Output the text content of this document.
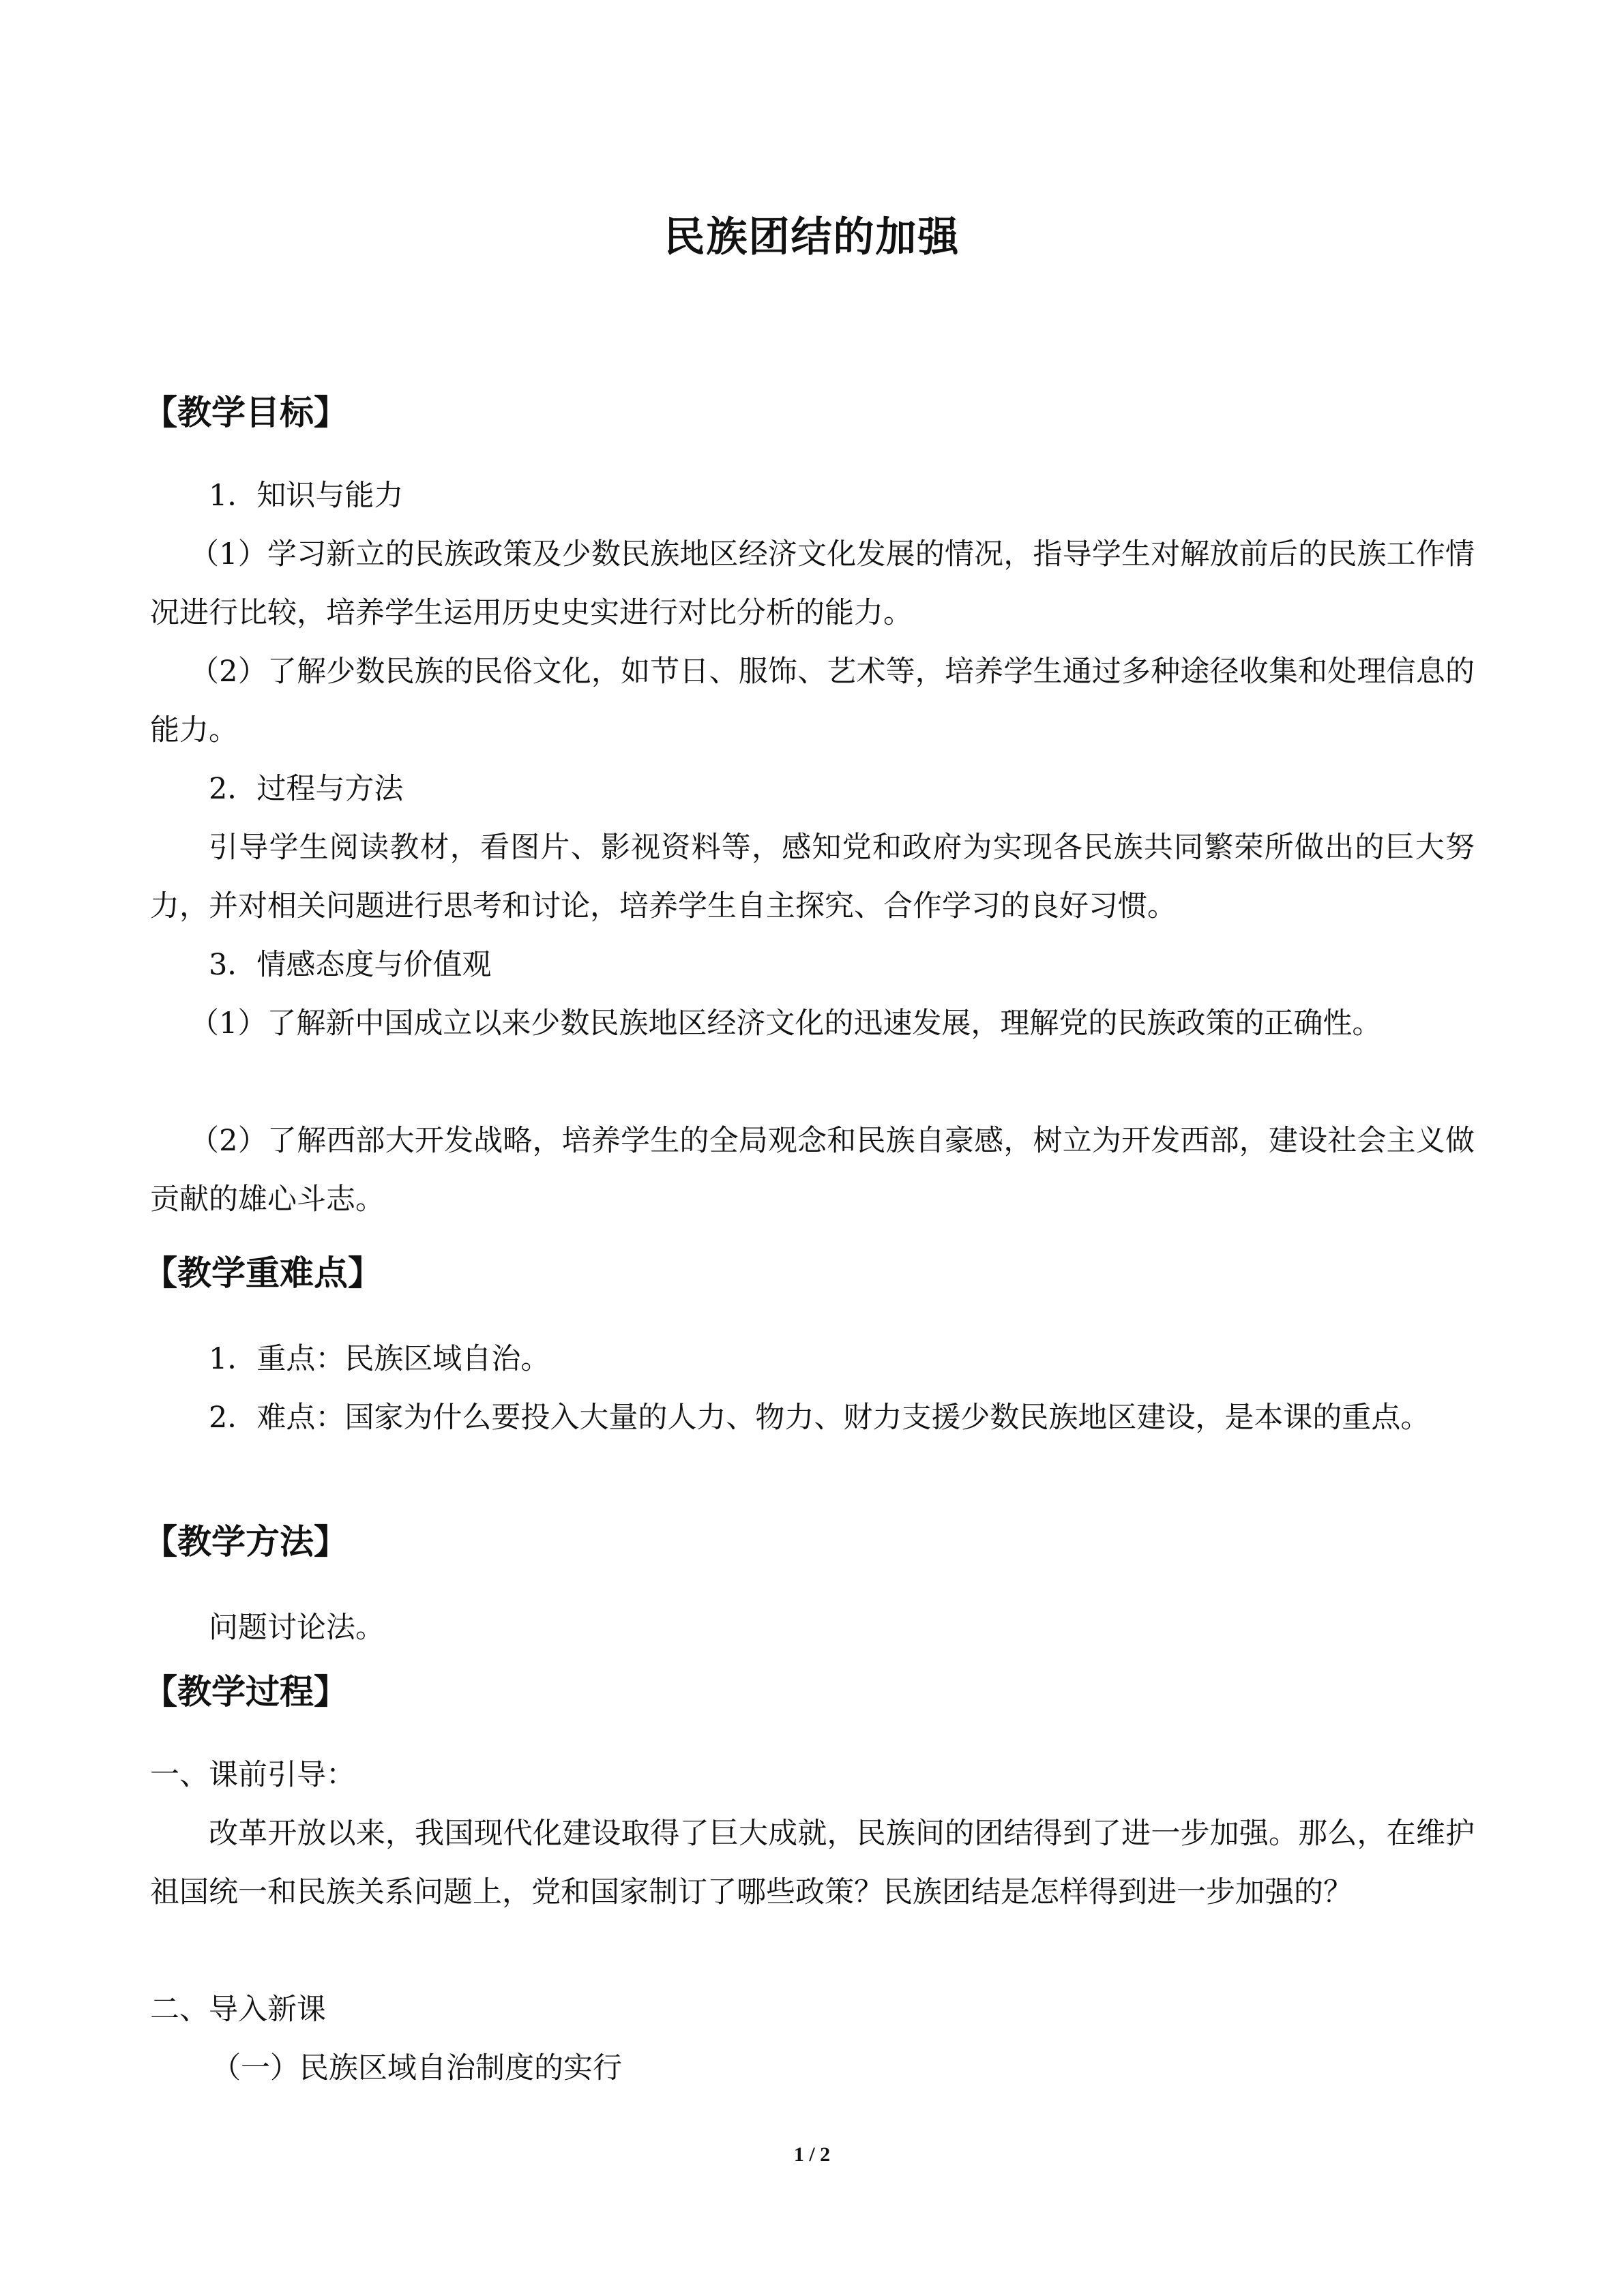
民族团结的加强
【教学目标】
1．知识与能力

（1）学习新立的民族政策及少数民族地区经济文化发展的情况，指导学生对解放前后的民族工作情况进行比较，培养学生运用历史史实进行对比分析的能力。

（2）了解少数民族的民俗文化，如节日、服饰、艺术等，培养学生通过多种途径收集和处理信息的能力。

2．过程与方法

引导学生阅读教材，看图片、影视资料等，感知党和政府为实现各民族共同繁荣所做出的巨大努力，并对相关问题进行思考和讨论，培养学生自主探究、合作学习的良好习惯。

3．情感态度与价值观

（1）了解新中国成立以来少数民族地区经济文化的迅速发展，理解党的民族政策的正确性。

（2）了解西部大开发战略，培养学生的全局观念和民族自豪感，树立为开发西部，建设社会主义做贡献的雄心斗志。

【教学重难点】
1．重点：民族区域自治。

2．难点：国家为什么要投入大量的人力、物力、财力支援少数民族地区建设，是本课的重点。

【教学方法】
问题讨论法。
【教学过程】
一、课前引导：

改革开放以来，我国现代化建设取得了巨大成就，民族间的团结得到了进一步加强。那么，在维护祖国统一和民族关系问题上，党和国家制订了哪些政策？民族团结是怎样得到进一步加强的？

二、导入新课
（一）民族区域自治制度的实行
1 / 2
